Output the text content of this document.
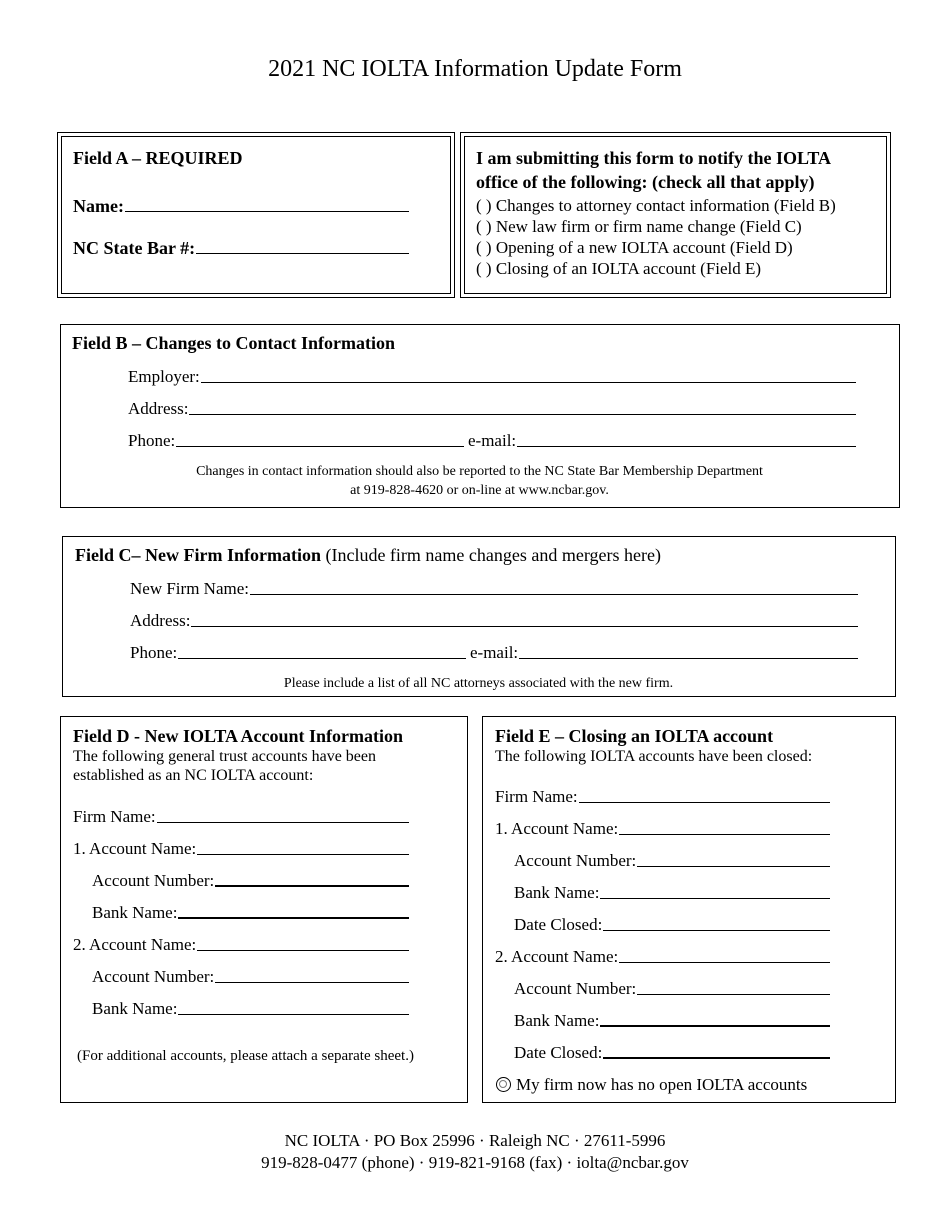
2021 NC IOLTA Information Update Form
Field A – REQUIRED
Name:
NC State Bar #:
I am submitting this form to notify the IOLTA
office of the following: (check all that apply)
( ) Changes to attorney contact information (Field B)
( ) New law firm or firm name change (Field C)
( ) Opening of a new IOLTA account (Field D)
( ) Closing of an IOLTA account (Field E)
Field B – Changes to Contact Information
Employer:
Address:
Phone:	e-mail:
Changes in contact information should also be reported to the NC State Bar Membership Department
at 919-828-4620 or on-line at www.ncbar.gov.
Field C– New Firm Information (Include firm name changes and mergers here)
New Firm Name:
Address:
Phone:	e-mail:
Please include a list of all NC attorneys associated with the new firm.
Field D - New IOLTA Account Information
The following general trust accounts have been
established as an NC IOLTA account:
Firm Name:
1. Account Name:
Account Number:
Bank Name:
2. Account Name:
Account Number:
Bank Name:
(For additional accounts, please attach a separate sheet.)
Field E – Closing an IOLTA account
The following IOLTA accounts have been closed:
Firm Name:
1. Account Name:
Account Number:
Bank Name:
Date Closed:
2. Account Name:
Account Number:
Bank Name:
Date Closed:
My firm now has no open IOLTA accounts
NC IOLTA · PO Box 25996 · Raleigh NC · 27611-5996
919-828-0477 (phone) · 919-821-9168 (fax) · iolta@ncbar.gov
